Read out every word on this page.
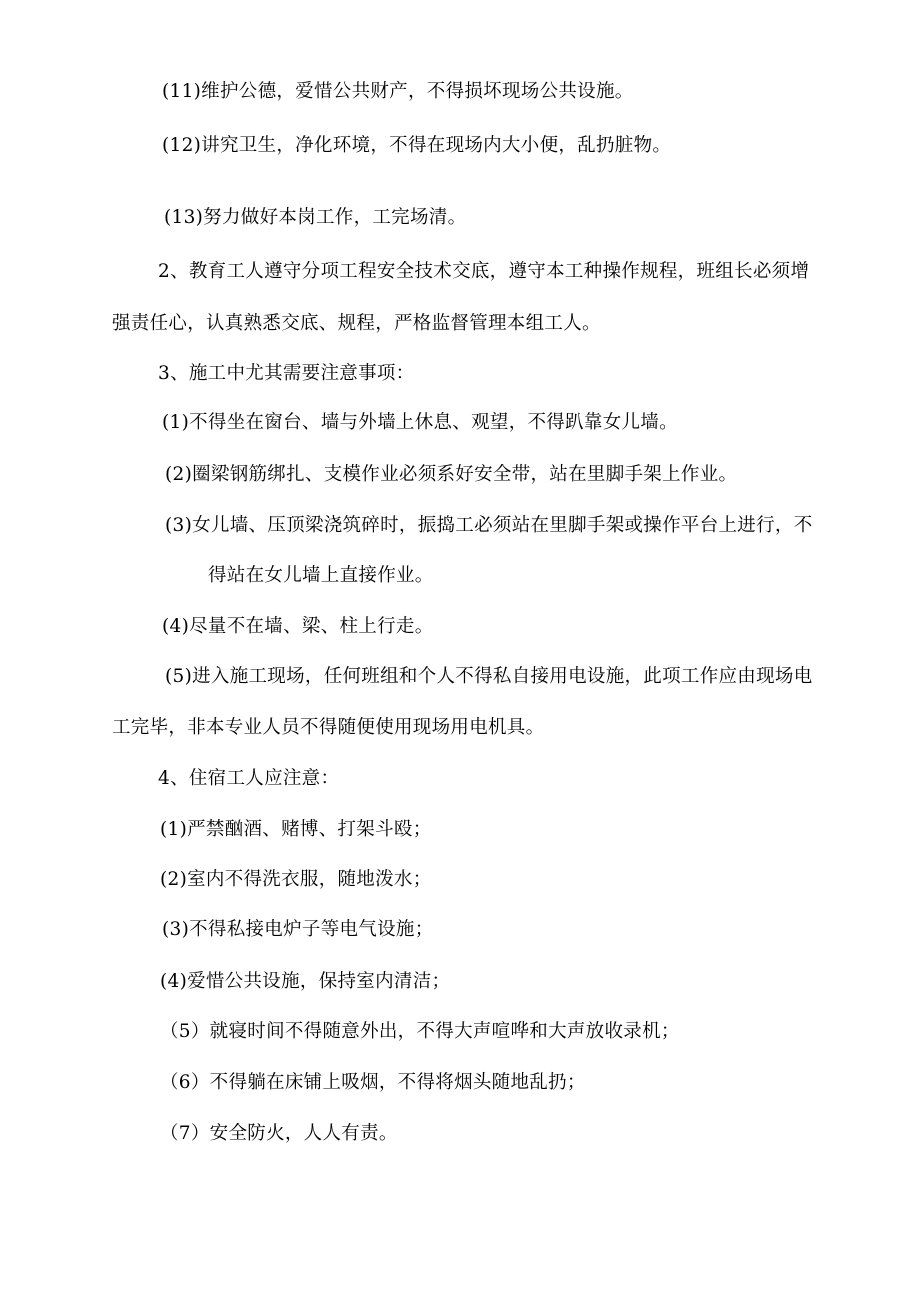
(11)维护公德，爱惜公共财产，不得损坏现场公共设施。
(12)讲究卫生，净化环境，不得在现场内大小便，乱扔脏物。
(13)努力做好本岗工作，工完场清。
2、教育工人遵守分项工程安全技术交底，遵守本工种操作规程，班组长必须增
强责任心，认真熟悉交底、规程，严格监督管理本组工人。
3、施工中尤其需要注意事项：
(1)不得坐在窗台、墙与外墙上休息、观望，不得趴靠女儿墙。
(2)圈梁钢筋绑扎、支模作业必须系好安全带，站在里脚手架上作业。
(3)女儿墙、压顶梁浇筑碎时，振捣工必须站在里脚手架或操作平台上进行，不
得站在女儿墙上直接作业。
(4)尽量不在墙、梁、柱上行走。
(5)进入施工现场，任何班组和个人不得私自接用电设施，此项工作应由现场电
工完毕，非本专业人员不得随便使用现场用电机具。
4、住宿工人应注意：
(1)严禁酗酒、赌博、打架斗殴；
(2)室内不得洗衣服，随地泼水；
(3)不得私接电炉子等电气设施；
(4)爱惜公共设施，保持室内清洁；
（5）就寝时间不得随意外出，不得大声喧哗和大声放收录机；
（6）不得躺在床铺上吸烟，不得将烟头随地乱扔；
（7）安全防火，人人有责。
